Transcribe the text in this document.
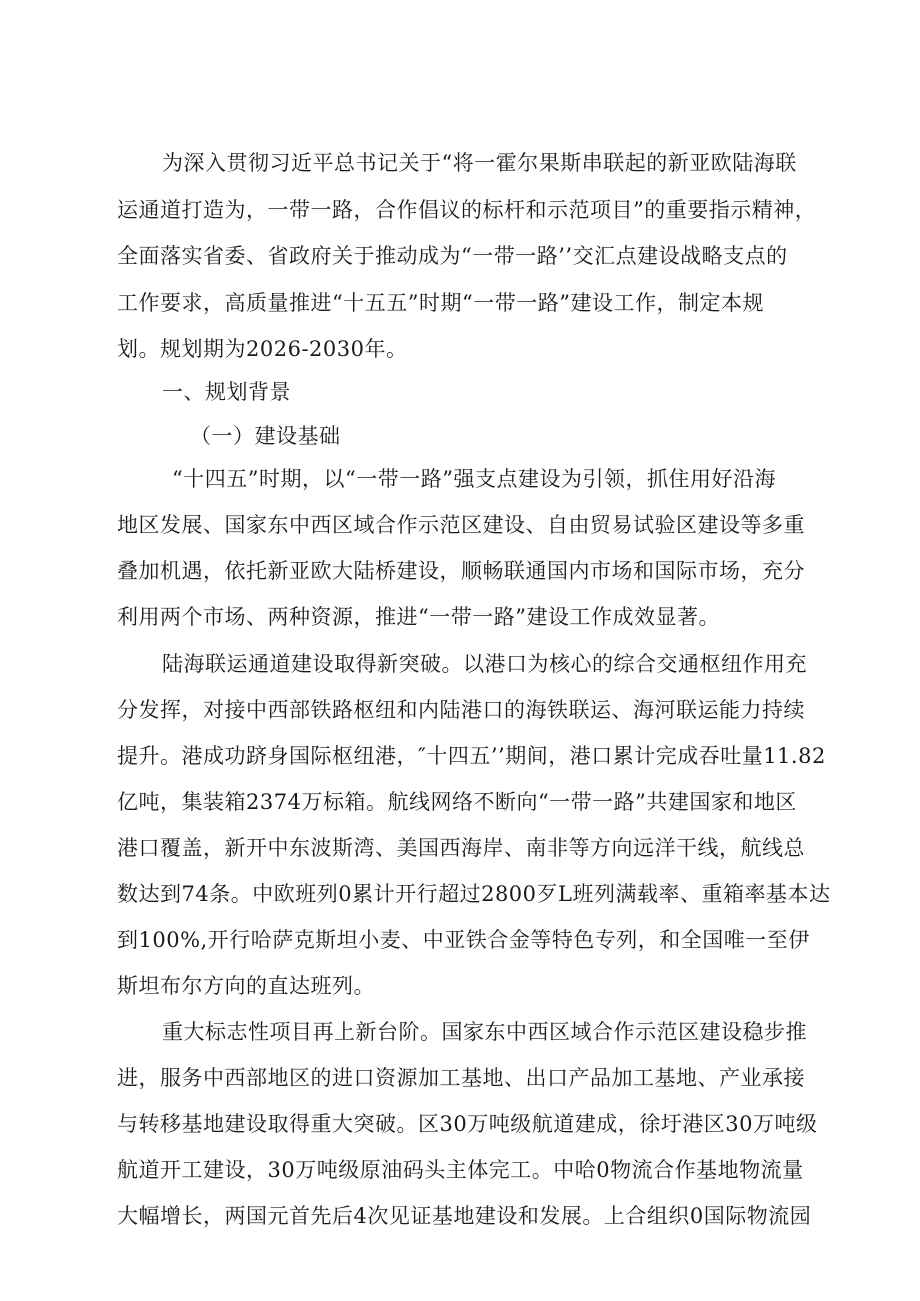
为深入贯彻习近平总书记关于“将一霍尔果斯串联起的新亚欧陆海联
运通道打造为，一带一路，合作倡议的标杆和示范项目”的重要指示精神，
全面落实省委、省政府关于推动成为“一带一路’’交汇点建设战略支点的
工作要求，高质量推进“十五五”时期“一带一路”建设工作，制定本规
划。规划期为2026-2030年。
一、规划背景
（一）建设基础
“十四五”时期，以“一带一路”强支点建设为引领，抓住用好沿海
地区发展、国家东中西区域合作示范区建设、自由贸易试验区建设等多重
叠加机遇，依托新亚欧大陆桥建设，顺畅联通国内市场和国际市场，充分
利用两个市场、两种资源，推进“一带一路”建设工作成效显著。
陆海联运通道建设取得新突破。以港口为核心的综合交通枢纽作用充
分发挥，对接中西部铁路枢纽和内陆港口的海铁联运、海河联运能力持续
提升。港成功跻身国际枢纽港，″十四五’’期间，港口累计完成吞吐量11.82
亿吨，集装箱2374万标箱。航线网络不断向“一带一路”共建国家和地区
港口覆盖，新开中东波斯湾、美国西海岸、南非等方向远洋干线，航线总
数达到74条。中欧班列0累计开行超过2800歹L班列满载率、重箱率基本达
到100%,开行哈萨克斯坦小麦、中亚铁合金等特色专列，和全国唯一至伊
斯坦布尔方向的直达班列。
重大标志性项目再上新台阶。国家东中西区域合作示范区建设稳步推
进，服务中西部地区的进口资源加工基地、出口产品加工基地、产业承接
与转移基地建设取得重大突破。区30万吨级航道建成，徐圩港区30万吨级
航道开工建设，30万吨级原油码头主体完工。中哈0物流合作基地物流量
大幅增长，两国元首先后4次见证基地建设和发展。上合组织0国际物流园
